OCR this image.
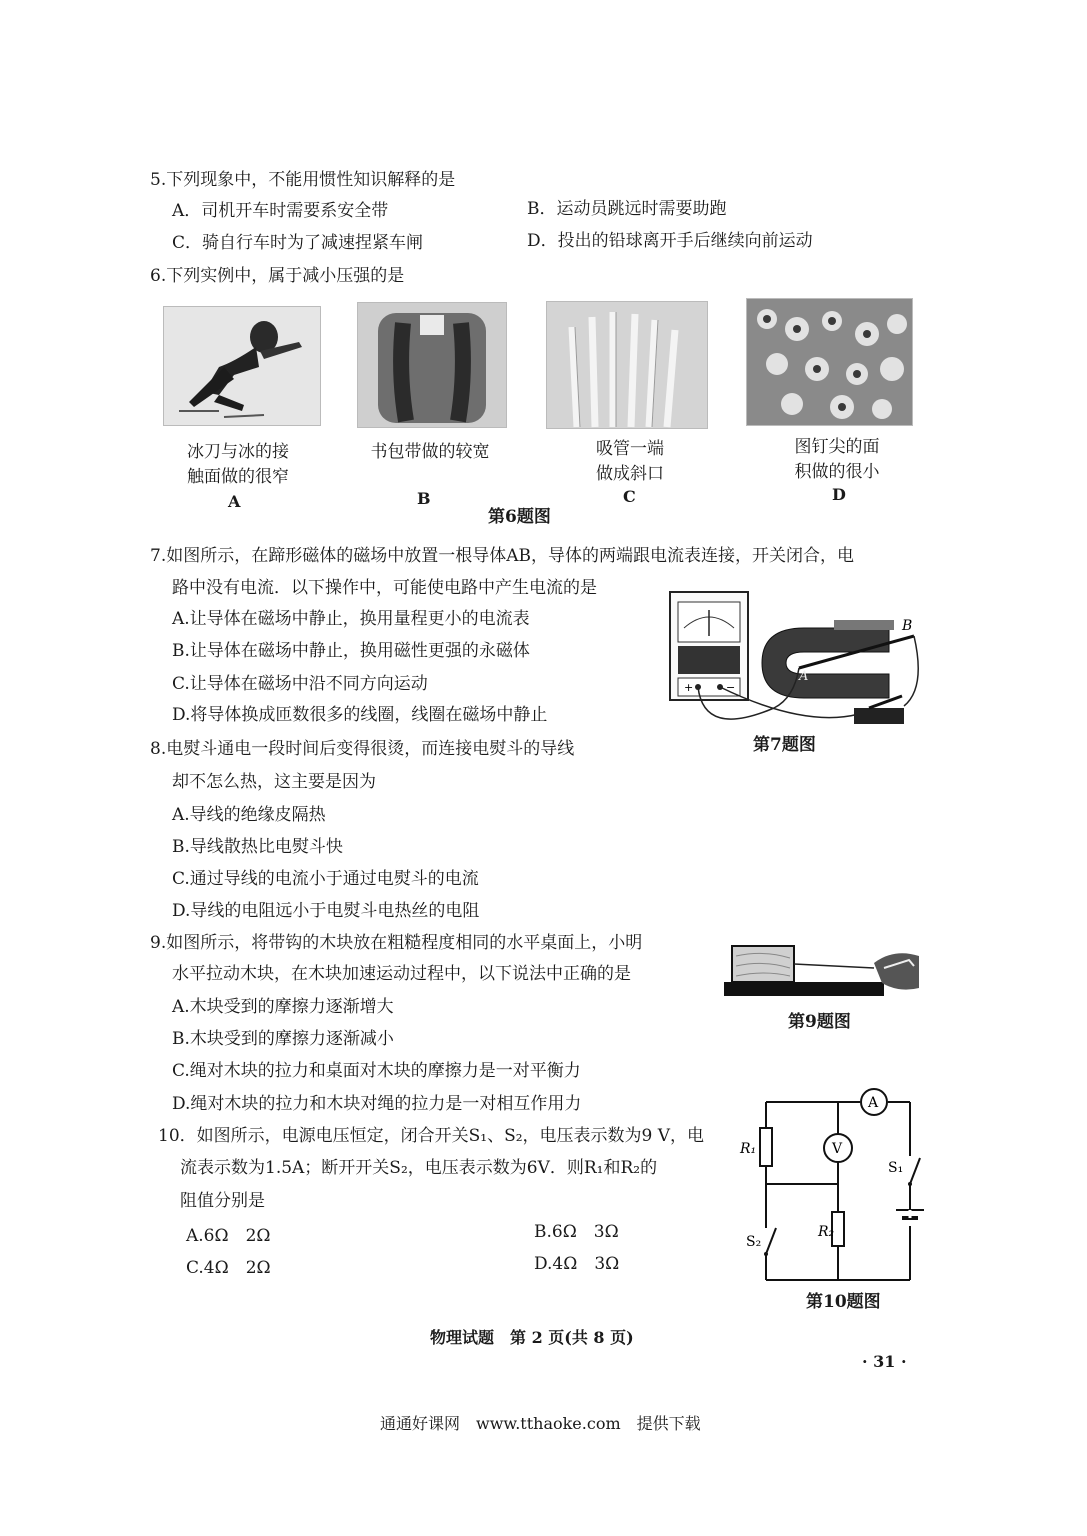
5.下列现象中，不能用惯性知识解释的是
A．司机开车时需要系安全带	B．运动员跳远时需要助跑
C．骑自行车时为了减速捏紧车闸	D．投出的铅球离开手后继续向前运动
6.下列实例中，属于减小压强的是
冰刀与冰的接
触面做的很窄
书包带做的较宽	吸管一端
做成斜口
图钉尖的面
积做的很小
A	B	C	D
第6题图
7.如图所示，在蹄形磁体的磁场中放置一根导体AB，导体的两端跟电流表连接，开关闭合，电
路中没有电流．以下操作中，可能使电路中产生电流的是
A.让导体在磁场中静止，换用量程更小的电流表
B.让导体在磁场中静止，换用磁性更强的永磁体
C.让导体在磁场中沿不同方向运动
D.将导体换成匝数很多的线圈，线圈在磁场中静止
+	−
A
B
第7题图
8.电熨斗通电一段时间后变得很烫，而连接电熨斗的导线
却不怎么热，这主要是因为
A.导线的绝缘皮隔热
B.导线散热比电熨斗快
C.通过导线的电流小于通过电熨斗的电流
D.导线的电阻远小于电熨斗电热丝的电阻
9.如图所示，将带钩的木块放在粗糙程度相同的水平桌面上，小明
水平拉动木块，在木块加速运动过程中，以下说法中正确的是
A.木块受到的摩擦力逐渐增大
B.木块受到的摩擦力逐渐减小
C.绳对木块的拉力和桌面对木块的摩擦力是一对平衡力
D.绳对木块的拉力和木块对绳的拉力是一对相互作用力
第9题图
10．如图所示，电源电压恒定，闭合开关S₁、S₂，电压表示数为9 V，电
流表示数为1.5A；断开开关S₂，电压表示数为6V．则R₁和R₂的
阻值分别是
A.6Ω　2Ω	B.6Ω　3Ω
C.4Ω　2Ω	D.4Ω　3Ω
A
V
R₁
R₂
S₁
S₂
第10题图
物理试题　第 2 页(共 8 页)
· 31 ·
通通好课网　www.tthaoke.com　提供下载
